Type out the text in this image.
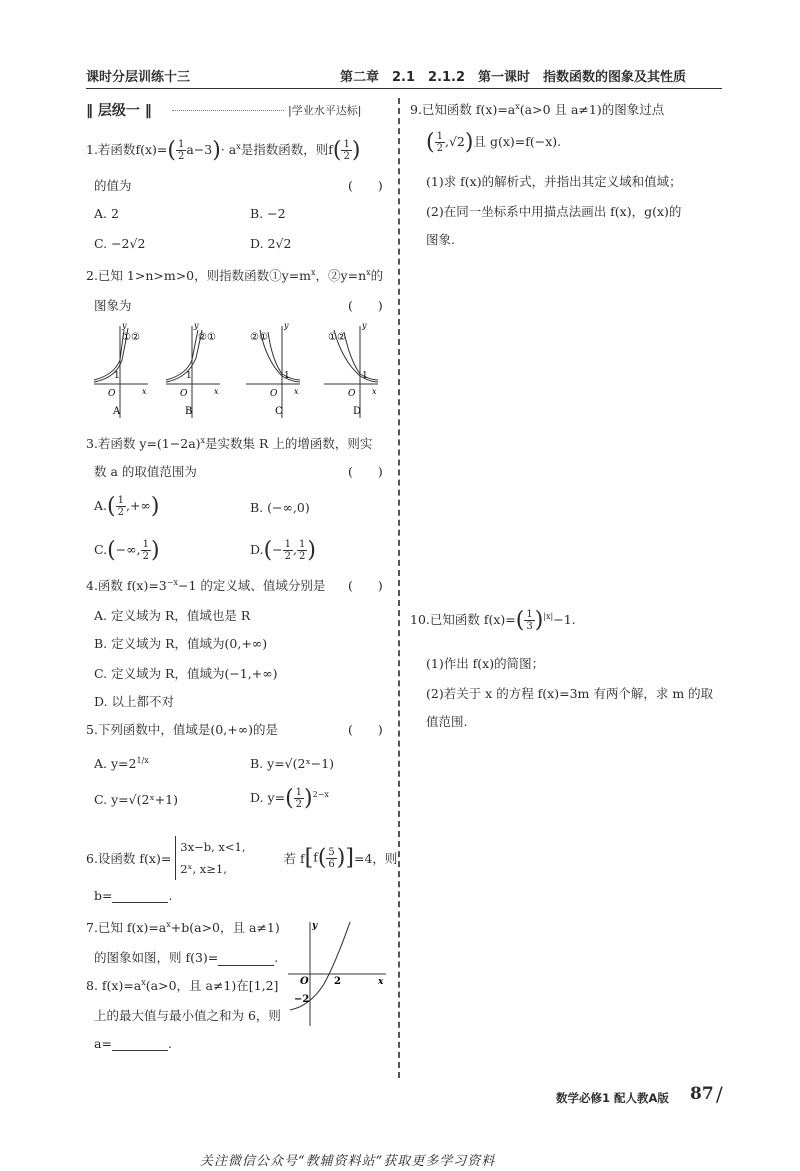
课时分层训练十三	第二章　2.1　2.1.2　第一课时　指数函数的图象及其性质
‖ 层级一 ‖	|学业水平达标|
1.若函数$f(x)=( \frac{1}{2} a-3)\cdot a^x$是指数函数，则$f( \frac{1}{2}$ )
的值为	(　　)
A. 2	B. −2
C. −2√2	D. 2√2
2.已知 1>n>m>0，则指数函数$①y=m^x$，$②y=n^x$的
图象为	(　　)
①②
1
O	x
y
A
②①
1
O	x
y
B
②①
1
O x
y
C
①②
1
O x
y
D
3.若函数 $y=(1-2a)^x$是实数集 R 上的增函数，则实
数 a 的取值范围为	(　　)
$A.( \frac{1}{2}$ ,+∞)	B. (−∞,0)
C.(−∞, $\frac{1}{2}$ )	$D.(- \frac{1}{2}$ , $\frac{1}{2}$ )
4.函数 $f(x)=3^{-x}-1$ 的定义域、值域分别是 (　　)
A. 定义域为 R，值域也是 R
B. 定义域为 R，值域为(0,+∞)
C. 定义域为 R，值域为(−1,+∞)
D. 以上都不对
5.下列函数中，值域是(0,+∞)的是	(　　)
A. $y=2^{1/x}$	B. y=√(2ˣ−1)
C. y=√(2ˣ+1)	D. $y=( \frac{1}{2} )^{2-x}$
6.设函数 f(x)=
3x−b, x<1,
2ˣ, x≥1,
若 $f[f( \frac{5}{6} )]=4$，则
b=	.
7.已知 $f(x)=a^x+b(a>0$，且 a≠1)
的图象如图，则 f(3)=	.
y
x
O	2
−2
8. $f(x)=a^x(a>0$，且 a≠1)在[1,2]
上的最大值与最小值之和为 6，则
a=	.
9.已知函数 $f(x)=a^x(a>0$ 且 a≠1)的图象过点
( $\frac{1}{2} ,√2$)且 g(x)=f(−x).
(1)求 f(x)的解析式，并指出其定义域和值域；
(2)在同一坐标系中用描点法画出 f(x)，g(x)的
图象.
10.已知函数 $f(x)=( \frac{1}{3} )^{|x|}-1$.
(1)作出 f(x)的简图；
(2)若关于 x 的方程 f(x)=3m 有两个解，求 m 的取
值范围.
数学必修1 配人教A版 87 /
关注微信公众号“教辅资料站”获取更多学习资料
